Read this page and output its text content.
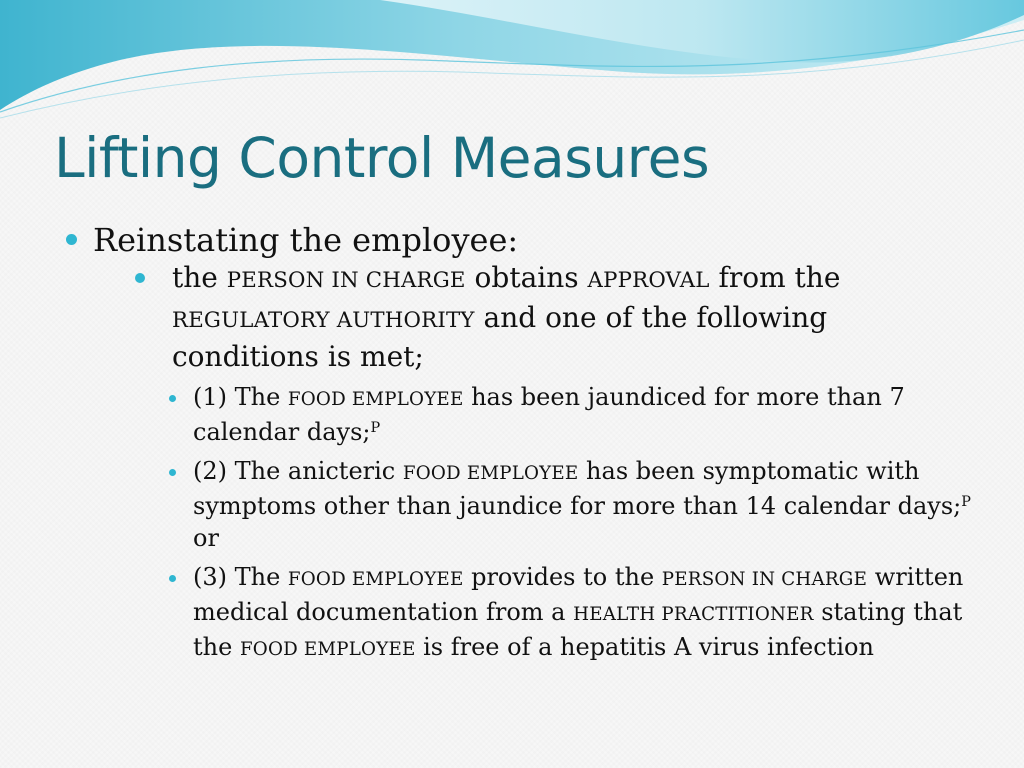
Lifting Control Measures
Reinstating the employee:
the PERSON IN CHARGE obtains APPROVAL from the REGULATORY AUTHORITY and one of the following conditions is met;
(1) The FOOD EMPLOYEE has been jaundiced for more than 7 calendar days;$^P$
(2) The anicteric FOOD EMPLOYEE has been symptomatic with symptoms other than jaundice for more than 14 calendar days;$^P$ or
(3) The FOOD EMPLOYEE provides to the PERSON IN CHARGE written medical documentation from a HEALTH PRACTITIONER stating that the FOOD EMPLOYEE is free of a hepatitis A virus infection
